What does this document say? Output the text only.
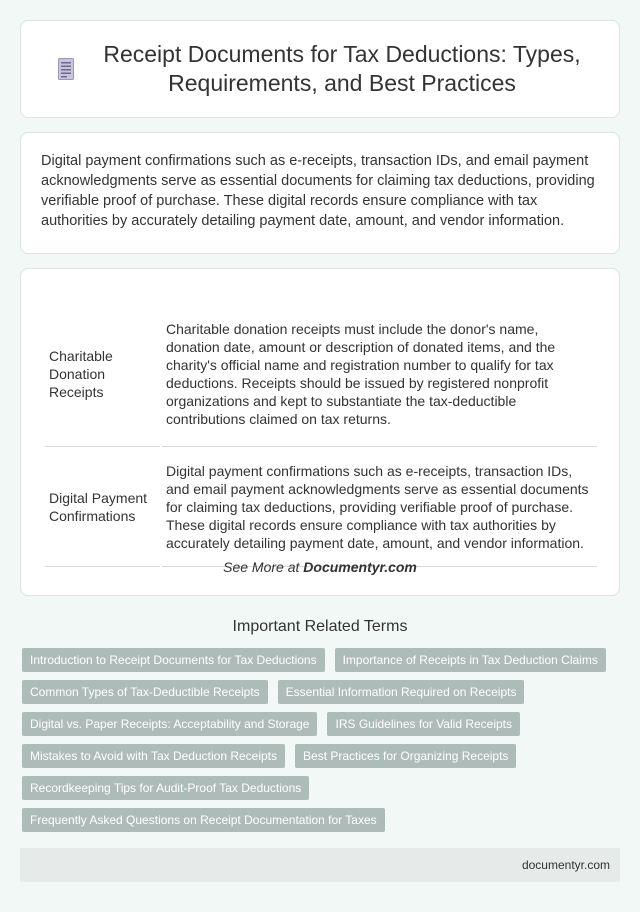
Receipt Documents for Tax Deductions: Types, Requirements, and Best Practices

Digital payment confirmations such as e-receipts, transaction IDs, and email payment acknowledgments serve as essential documents for claiming tax deductions, providing verifiable proof of purchase. These digital records ensure compliance with tax authorities by accurately detailing payment date, amount, and vendor information.

Charitable Donation Receipts	Charitable donation receipts must include the donor's name, donation date, amount or description of donated items, and the charity's official name and registration number to qualify for tax deductions. Receipts should be issued by registered nonprofit organizations and kept to substantiate the tax-deductible contributions claimed on tax returns.
Digital Payment Confirmations	Digital payment confirmations such as e-receipts, transaction IDs, and email payment acknowledgments serve as essential documents for claiming tax deductions, providing verifiable proof of purchase. These digital records ensure compliance with tax authorities by accurately detailing payment date, amount, and vendor information.
See More at Documentyr.com
Important Related Terms
Introduction to Receipt Documents for Tax Deductions	Importance of Receipts in Tax Deduction Claims
Common Types of Tax-Deductible Receipts	Essential Information Required on Receipts
Digital vs. Paper Receipts: Acceptability and Storage	IRS Guidelines for Valid Receipts
Mistakes to Avoid with Tax Deduction Receipts	Best Practices for Organizing Receipts
Recordkeeping Tips for Audit-Proof Tax Deductions
Frequently Asked Questions on Receipt Documentation for Taxes
documentyr.com
